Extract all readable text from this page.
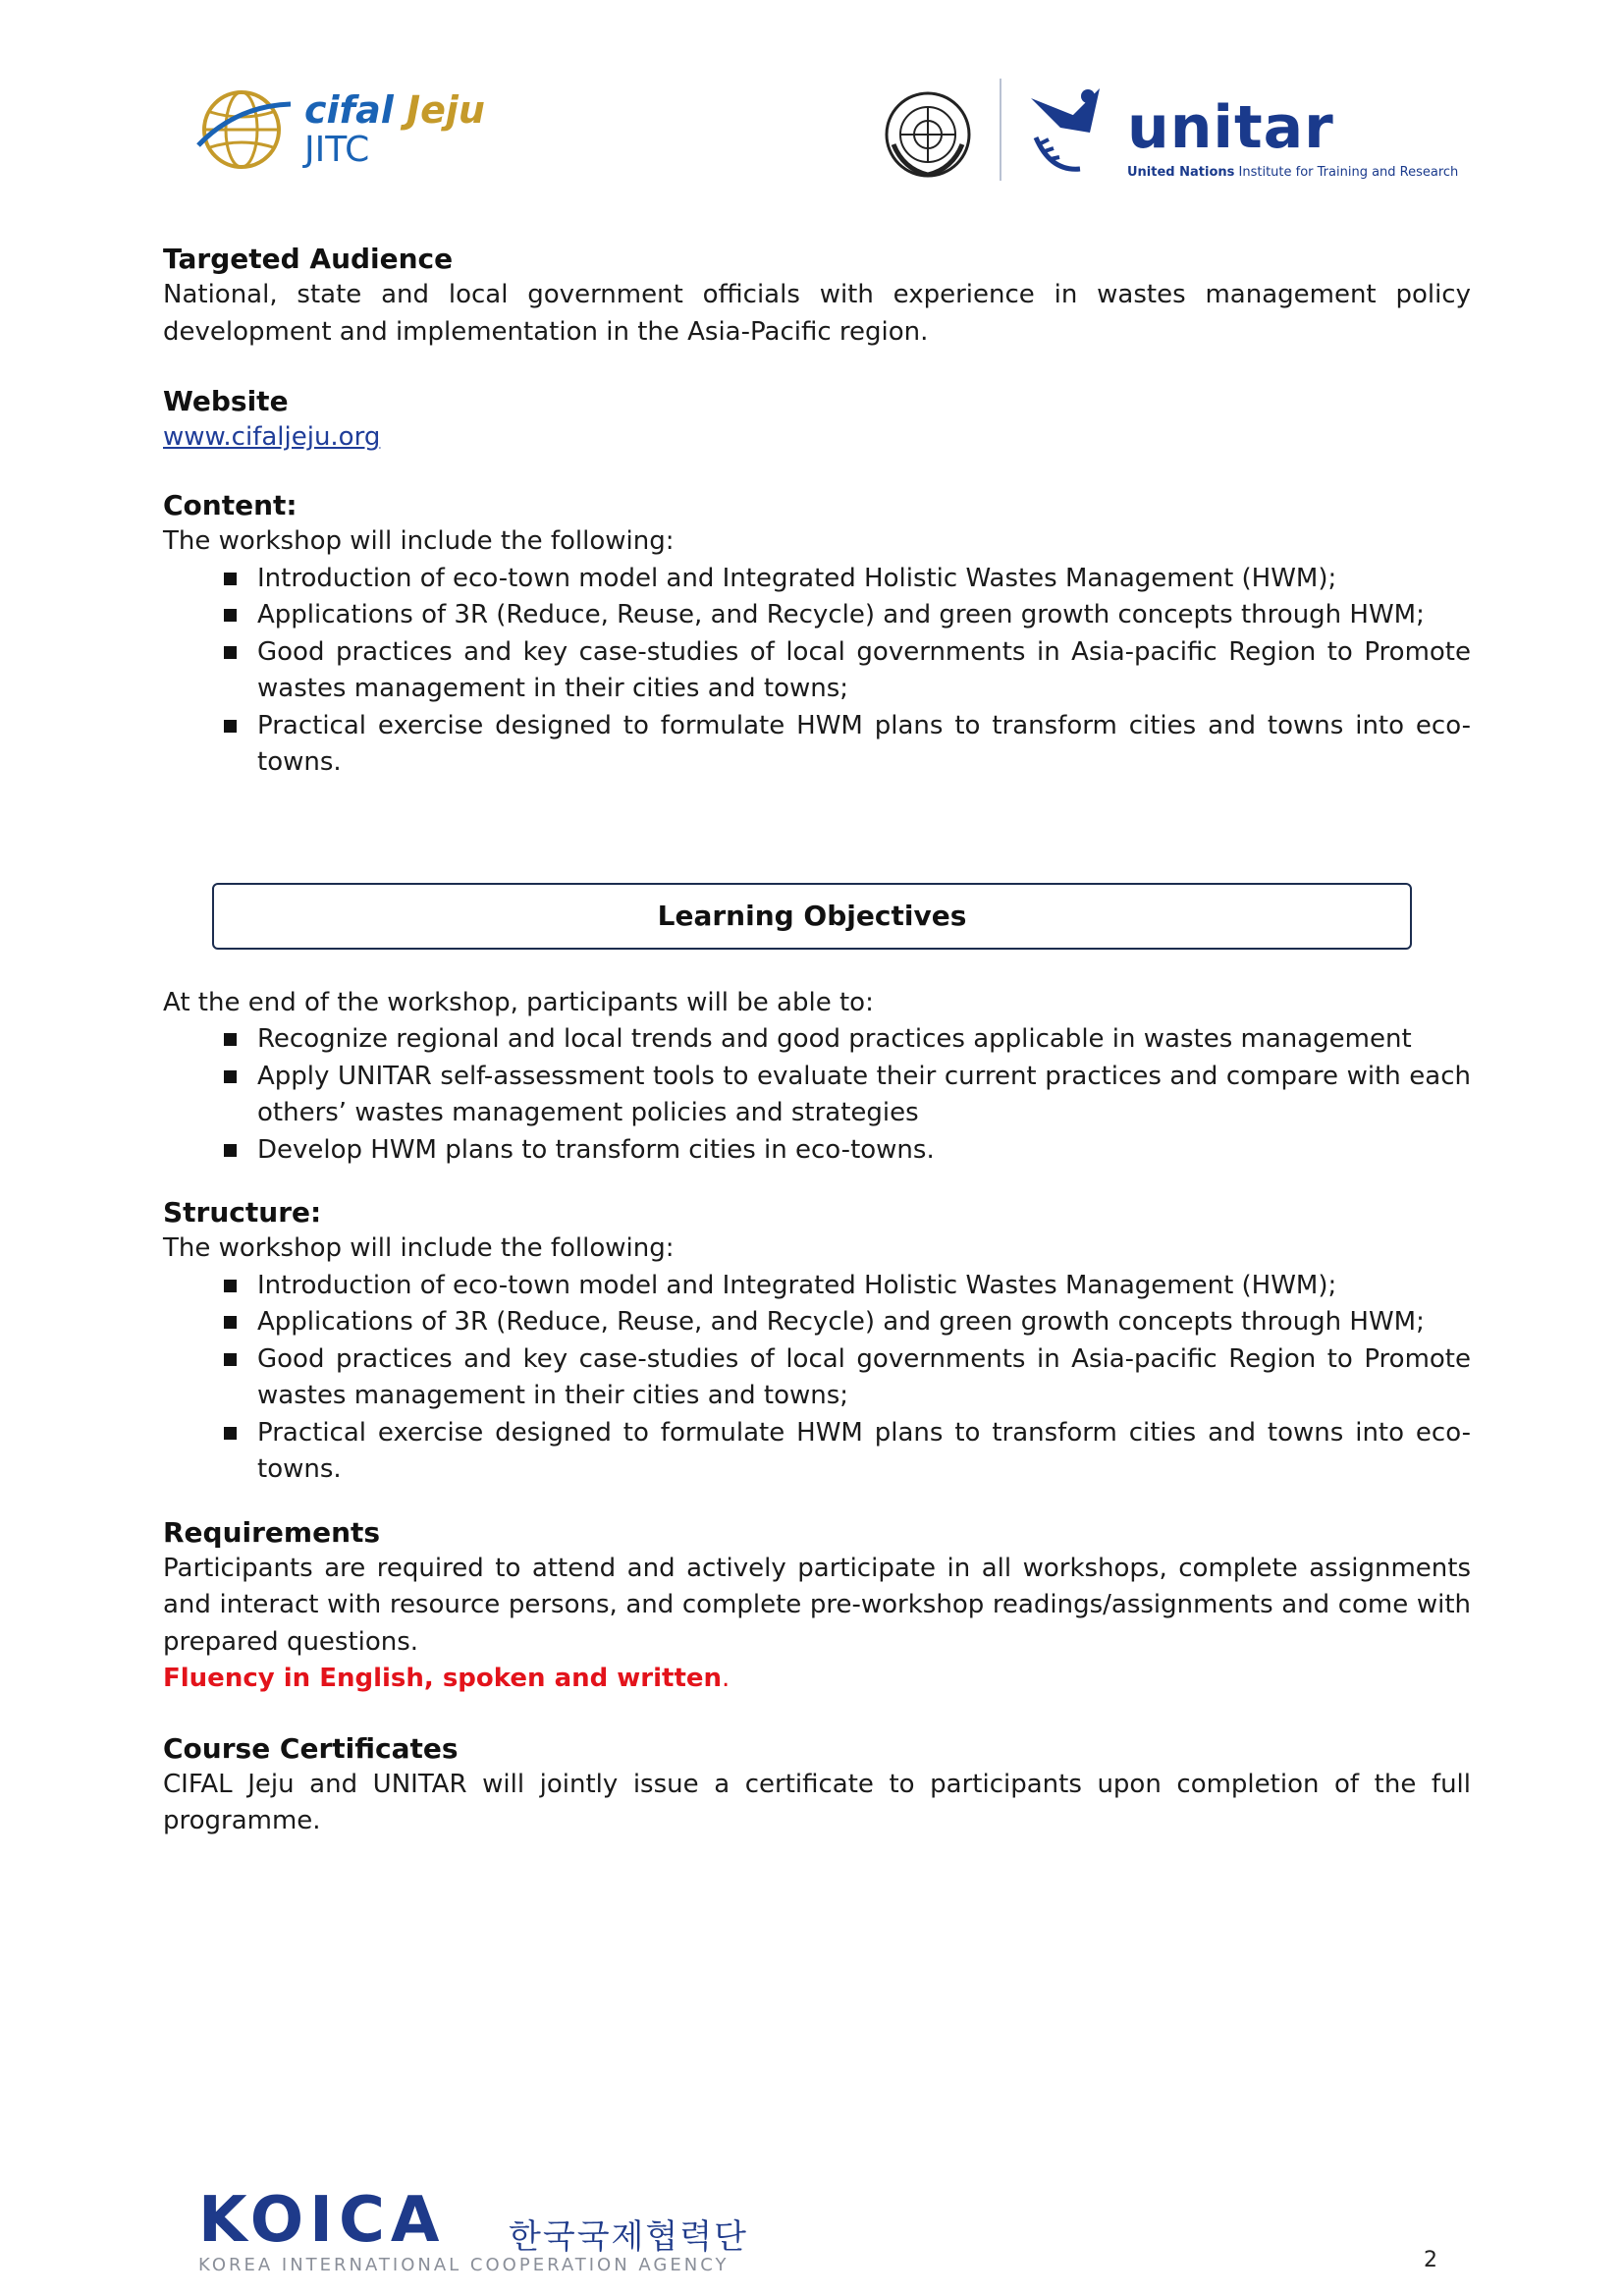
cifal Jeju
JITC	unitar
United Nations Institute for Training and Research
Targeted Audience

National, state and local government officials with experience in wastes management policy development and implementation in the Asia-Pacific region.

Website
www.cifaljeju.org
Content:

The workshop will include the following:

Introduction of eco-town model and Integrated Holistic Wastes Management (HWM);
Applications of 3R (Reduce, Reuse, and Recycle) and green growth concepts through HWM;
Good practices and key case-studies of local governments in Asia-pacific Region to Promote wastes management in their cities and towns;
Practical exercise designed to formulate HWM plans to transform cities and towns into eco-towns.
Learning Objectives

At the end of the workshop, participants will be able to:

Recognize regional and local trends and good practices applicable in wastes management
Apply UNITAR self-assessment tools to evaluate their current practices and compare with each others’ wastes management policies and strategies
Develop HWM plans to transform cities in eco-towns.
Structure:

The workshop will include the following:

Introduction of eco-town model and Integrated Holistic Wastes Management (HWM);
Applications of 3R (Reduce, Reuse, and Recycle) and green growth concepts through HWM;
Good practices and key case-studies of local governments in Asia-pacific Region to Promote wastes management in their cities and towns;
Practical exercise designed to formulate HWM plans to transform cities and towns into eco-towns.
Requirements

Participants are required to attend and actively participate in all workshops, complete assignments and interact with resource persons, and complete pre-workshop readings/assignments and come with prepared questions.

Fluency in English, spoken and written.

Course Certificates

CIFAL Jeju and UNITAR will jointly issue a certificate to participants upon completion of the full programme.

KOICA 한국국제협력단
KOREA INTERNATIONAL COOPERATION AGENCY	2
